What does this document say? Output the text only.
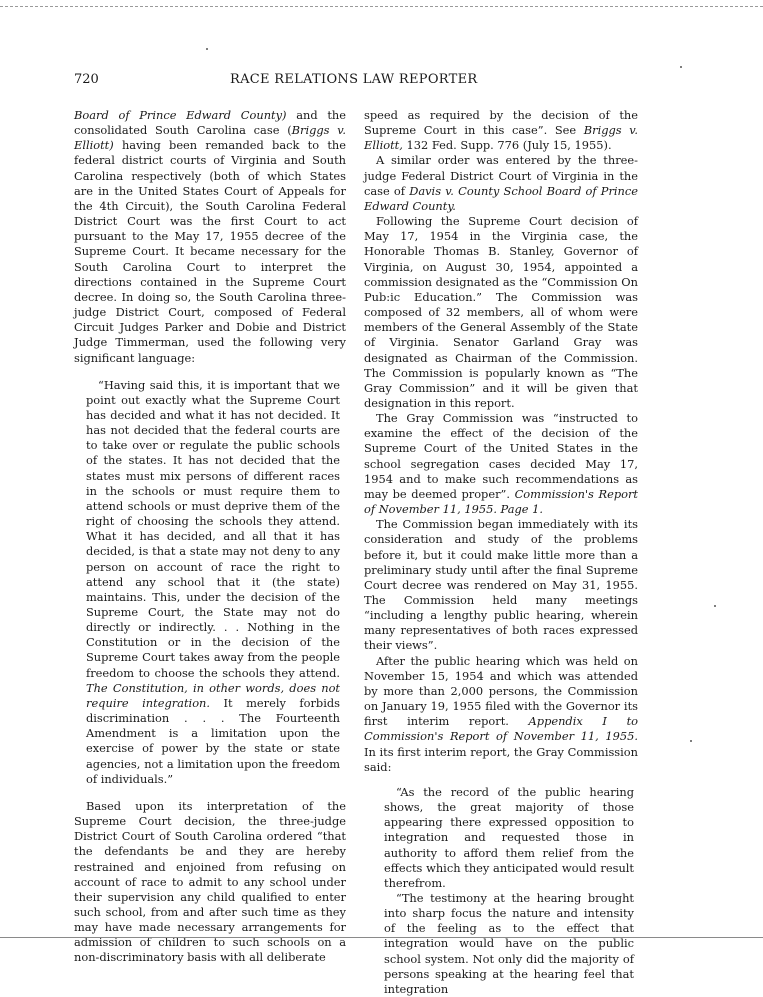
720	RACE RELATIONS LAW REPORTER

Board of Prince Edward County) and the consolidated South Carolina case (Briggs v. Elliott) having been remanded back to the federal district courts of Virginia and South Carolina respectively (both of which States are in the United States Court of Appeals for the 4th Circuit), the South Carolina Federal District Court was the first Court to act pursuant to the May 17, 1955 decree of the Supreme Court. It became necessary for the South Carolina Court to interpret the directions contained in the Supreme Court decree. In doing so, the South Carolina three-judge District Court, composed of Federal Circuit Judges Parker and Dobie and District Judge Timmerman, used the following very significant language:

“Having said this, it is important that we point out exactly what the Supreme Court has decided and what it has not decided. It has not decided that the federal courts are to take over or regulate the public schools of the states. It has not decided that the states must mix persons of different races in the schools or must require them to attend schools or must deprive them of the right of choosing the schools they attend. What it has decided, and all that it has decided, is that a state may not deny to any person on account of race the right to attend any school that it (the state) maintains. This, under the decision of the Supreme Court, the State may not do directly or indirectly. . . Nothing in the Constitution or in the decision of the Supreme Court takes away from the people freedom to choose the schools they attend. The Constitution, in other words, does not require integration. It merely forbids discrimination . . . The Fourteenth Amendment is a limitation upon the exercise of power by the state or state agencies, not a limitation upon the freedom of individuals.”

Based upon its interpretation of the Supreme Court decision, the three-judge District Court of South Carolina ordered “that the defendants be and they are hereby restrained and enjoined from refusing on account of race to admit to any school under their supervision any child qualified to enter such school, from and after such time as they may have made necessary arrangements for admission of children to such schools on a non-discriminatory basis with all deliberate

speed as required by the decision of the Supreme Court in this case”. See Briggs v. Elliott, 132 Fed. Supp. 776 (July 15, 1955).

A similar order was entered by the three-judge Federal District Court of Virginia in the case of Davis v. County School Board of Prince Edward County.

Following the Supreme Court decision of May 17, 1954 in the Virginia case, the Honorable Thomas B. Stanley, Governor of Virginia, on August 30, 1954, appointed a commission designated as the “Commission On Pub:ic Education.” The Commission was composed of 32 members, all of whom were members of the General Assembly of the State of Virginia. Senator Garland Gray was designated as Chairman of the Commission. The Commission is popularly known as “The Gray Commission” and it will be given that designation in this report.

The Gray Commission was “instructed to examine the effect of the decision of the Supreme Court of the United States in the school segregation cases decided May 17, 1954 and to make such recommendations as may be deemed proper”. Commission's Report of November 11, 1955. Page 1.

The Commission began immediately with its consideration and study of the problems before it, but it could make little more than a preliminary study until after the final Supreme Court decree was rendered on May 31, 1955. The Commission held many meetings “including a lengthy public hearing, wherein many representatives of both races expressed their views”.

After the public hearing which was held on November 15, 1954 and which was attended by more than 2,000 persons, the Commission on January 19, 1955 filed with the Governor its first interim report. Appendix I to Commission's Report of November 11, 1955. In its first interim report, the Gray Commission said:

“As the record of the public hearing shows, the great majority of those appearing there expressed opposition to integration and requested those in authority to afford them relief from the effects which they anticipated would result therefrom.

“The testimony at the hearing brought into sharp focus the nature and intensity of the feeling as to the effect that integration would have on the public school system. Not only did the majority of persons speaking at the hearing feel that integration
